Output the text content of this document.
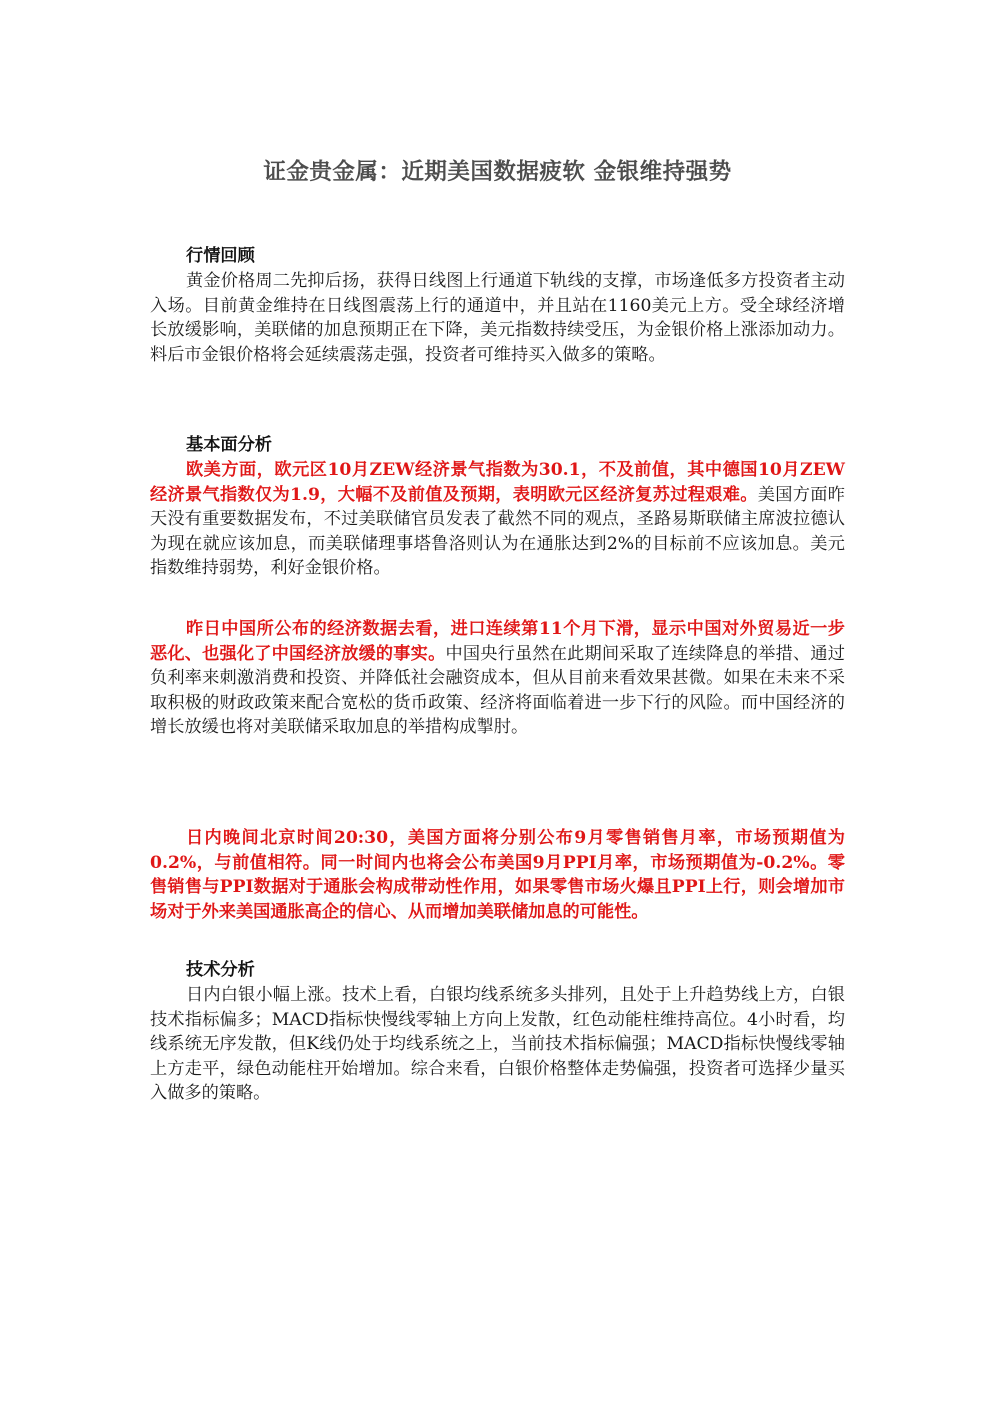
证金贵金属：近期美国数据疲软 金银维持强势
行情回顾

黄金价格周二先抑后扬，获得日线图上行通道下轨线的支撑，市场逢低多方投资者主动入场。目前黄金维持在日线图震荡上行的通道中，并且站在1160美元上方。受全球经济增长放缓影响，美联储的加息预期正在下降，美元指数持续受压，为金银价格上涨添加动力。料后市金银价格将会延续震荡走强，投资者可维持买入做多的策略。

基本面分析

欧美方面，欧元区10月ZEW经济景气指数为30.1，不及前值，其中德国10月ZEW经济景气指数仅为1.9，大幅不及前值及预期，表明欧元区经济复苏过程艰难。美国方面昨天没有重要数据发布，不过美联储官员发表了截然不同的观点，圣路易斯联储主席波拉德认为现在就应该加息，而美联储理事塔鲁洛则认为在通胀达到2%的目标前不应该加息。美元指数维持弱势，利好金银价格。

昨日中国所公布的经济数据去看，进口连续第11个月下滑，显示中国对外贸易近一步恶化、也强化了中国经济放缓的事实。中国央行虽然在此期间采取了连续降息的举措、通过负利率来刺激消费和投资、并降低社会融资成本，但从目前来看效果甚微。如果在未来不采取积极的财政政策来配合宽松的货币政策、经济将面临着进一步下行的风险。而中国经济的增长放缓也将对美联储采取加息的举措构成掣肘。

日内晚间北京时间20:30，美国方面将分别公布9月零售销售月率，市场预期值为0.2%，与前值相符。同一时间内也将会公布美国9月PPI月率，市场预期值为-0.2%。零售销售与PPI数据对于通胀会构成带动性作用，如果零售市场火爆且PPI上行，则会增加市场对于外来美国通胀高企的信心、从而增加美联储加息的可能性。

技术分析

日内白银小幅上涨。技术上看，白银均线系统多头排列，且处于上升趋势线上方，白银技术指标偏多；MACD指标快慢线零轴上方向上发散，红色动能柱维持高位。4小时看，均线系统无序发散，但K线仍处于均线系统之上，当前技术指标偏强；MACD指标快慢线零轴上方走平，绿色动能柱开始增加。综合来看，白银价格整体走势偏强，投资者可选择少量买入做多的策略。
